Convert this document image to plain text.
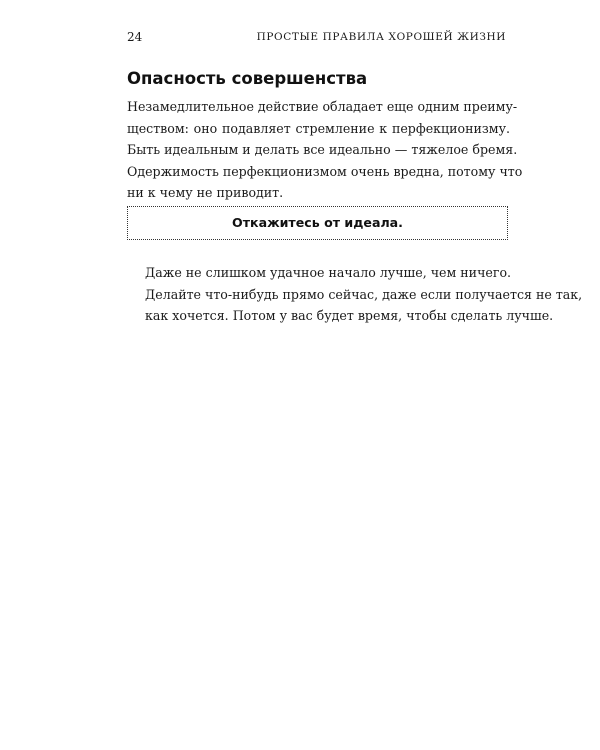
24	ПРОСТЫЕ ПРАВИЛА ХОРОШЕЙ ЖИЗНИ
Опасность совершенства

Незамедлительное действие обладает еще одним преиму-
ществом: оно подавляет стремление к перфекционизму.
Быть идеальным и делать все идеально — тяжелое бремя.
Одержимость перфекционизмом очень вредна, потому что
ни к чему не приводит.

Откажитесь от идеала.

Даже не слишком удачное начало лучше, чем ничего.
Делайте что-нибудь прямо сейчас, даже если получается не так,
как хочется. Потом у вас будет время, чтобы сделать лучше.
